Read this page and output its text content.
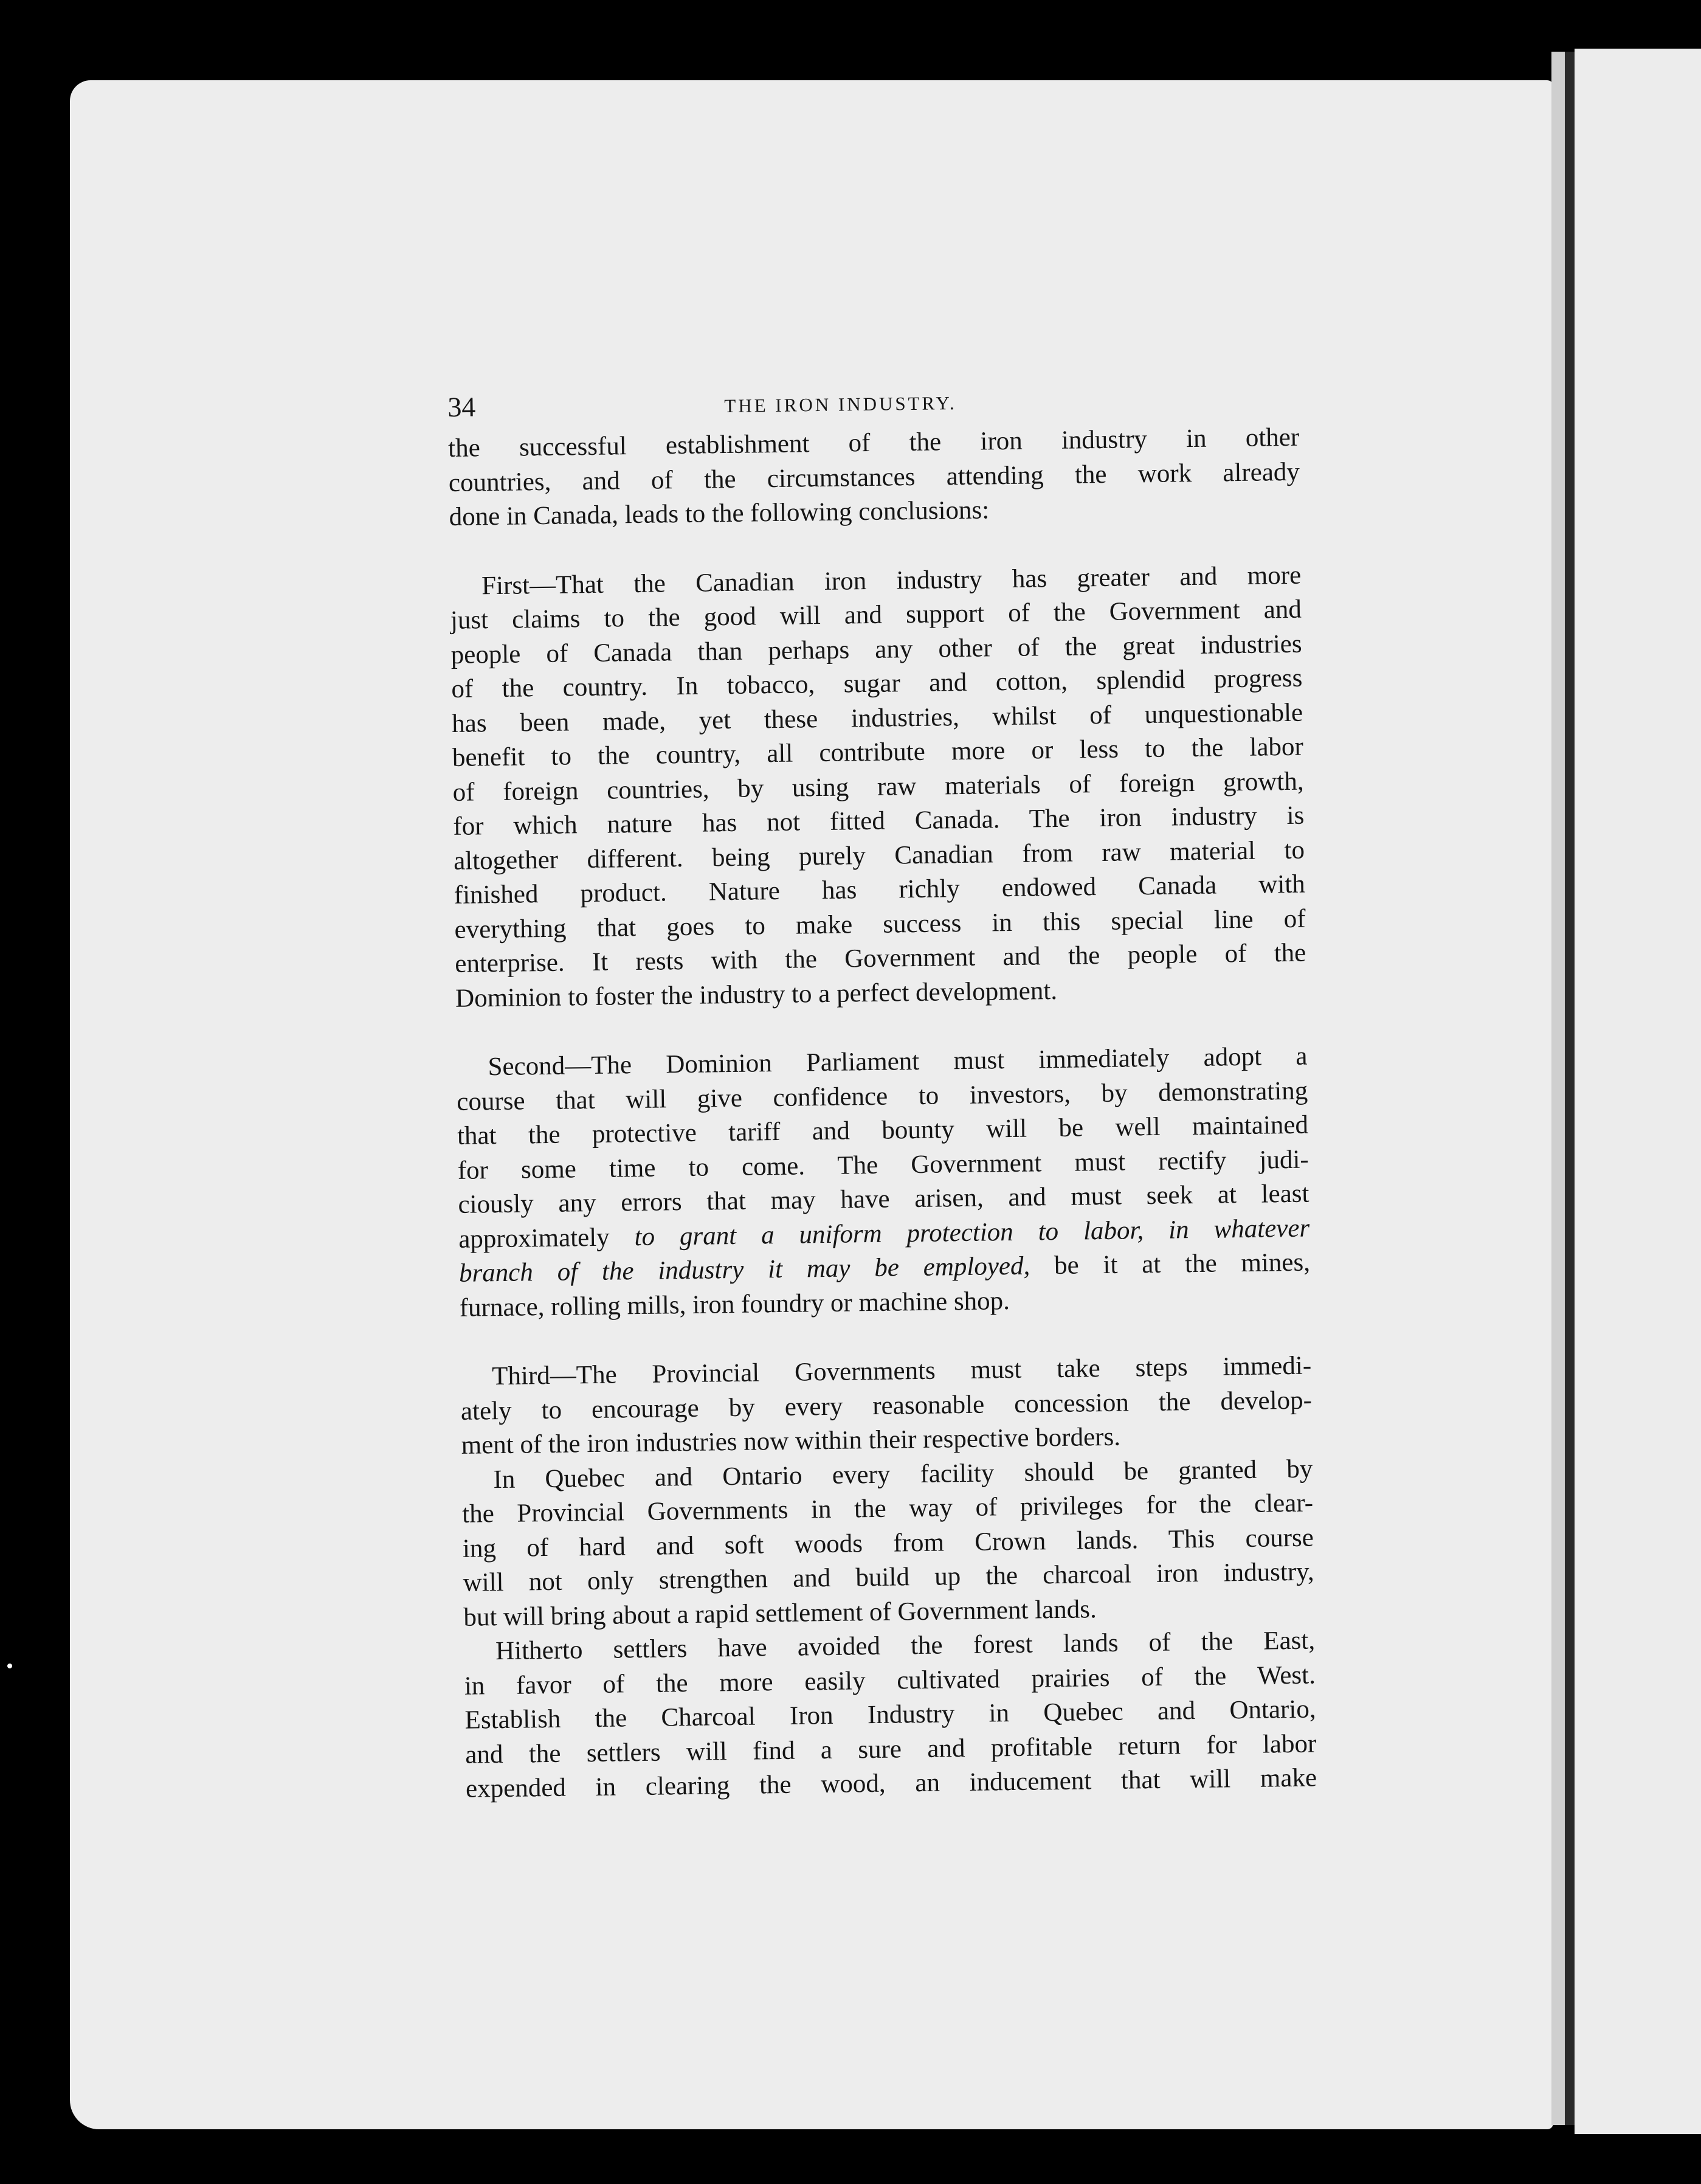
34	THE IRON INDUSTRY.
the successful establishment of the iron industry in other
countries, and of the circumstances attending the work already
done in Canada, leads to the following conclusions:
First—That the Canadian iron industry has greater and more
just claims to the good will and support of the Government and
people of Canada than perhaps any other of the great industries
of the country. In tobacco, sugar and cotton, splendid progress
has been made, yet these industries, whilst of unquestionable
benefit to the country, all contribute more or less to the labor
of foreign countries, by using raw materials of foreign growth,
for which nature has not fitted Canada. The iron industry is
altogether different. being purely Canadian from raw material to
finished product. Nature has richly endowed Canada with
everything that goes to make success in this special line of
enterprise. It rests with the Government and the people of the
Dominion to foster the industry to a perfect development.
Second—The Dominion Parliament must immediately adopt a
course that will give confidence to investors, by demonstrating
that the protective tariff and bounty will be well maintained
for some time to come. The Government must rectify judi-
ciously any errors that may have arisen, and must seek at least
approximately to grant a uniform protection to labor, in whatever
branch of the industry it may be employed, be it at the mines,
furnace, rolling mills, iron foundry or machine shop.
Third—The Provincial Governments must take steps immedi-
ately to encourage by every reasonable concession the develop-
ment of the iron industries now within their respective borders.
In Quebec and Ontario every facility should be granted by
the Provincial Governments in the way of privileges for the clear-
ing of hard and soft woods from Crown lands. This course
will not only strengthen and build up the charcoal iron industry,
but will bring about a rapid settlement of Government lands.
Hitherto settlers have avoided the forest lands of the East,
in favor of the more easily cultivated prairies of the West.
Establish the Charcoal Iron Industry in Quebec and Ontario,
and the settlers will find a sure and profitable return for labor
expended in clearing the wood, an inducement that will make
